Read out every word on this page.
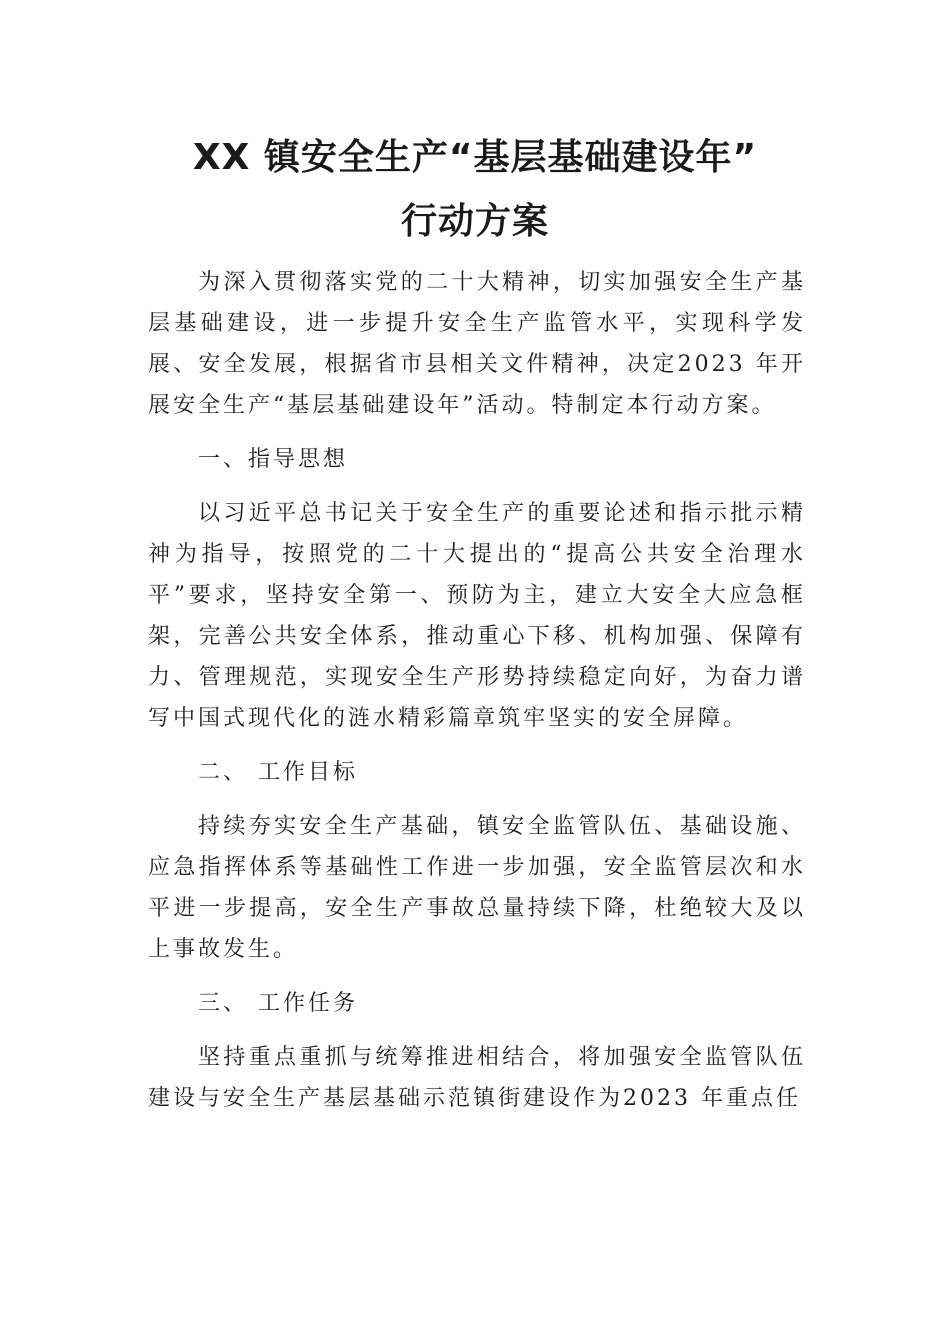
XX 镇安全生产“基层基础建设年”
行动方案

为深入贯彻落实党的二十大精神，切实加强安全生产基层基础建设，进一步提升安全生产监管水平，实现科学发展、安全发展，根据省市县相关文件精神，决定2023 年开展安全生产“基层基础建设年”活动。特制定本行动方案。

一、指导思想

以习近平总书记关于安全生产的重要论述和指示批示精神为指导，按照党的二十大提出的“提高公共安全治理水平”要求，坚持安全第一、预防为主，建立大安全大应急框架，完善公共安全体系，推动重心下移、机构加强、保障有力、管理规范，实现安全生产形势持续稳定向好，为奋力谱写中国式现代化的涟水精彩篇章筑牢坚实的安全屏障。

二、 工作目标

持续夯实安全生产基础，镇安全监管队伍、基础设施、应急指挥体系等基础性工作进一步加强，安全监管层次和水平进一步提高，安全生产事故总量持续下降，杜绝较大及以上事故发生。

三、 工作任务

坚持重点重抓与统筹推进相结合，将加强安全监管队伍建设与安全生产基层基础示范镇街建设作为2023 年重点任
